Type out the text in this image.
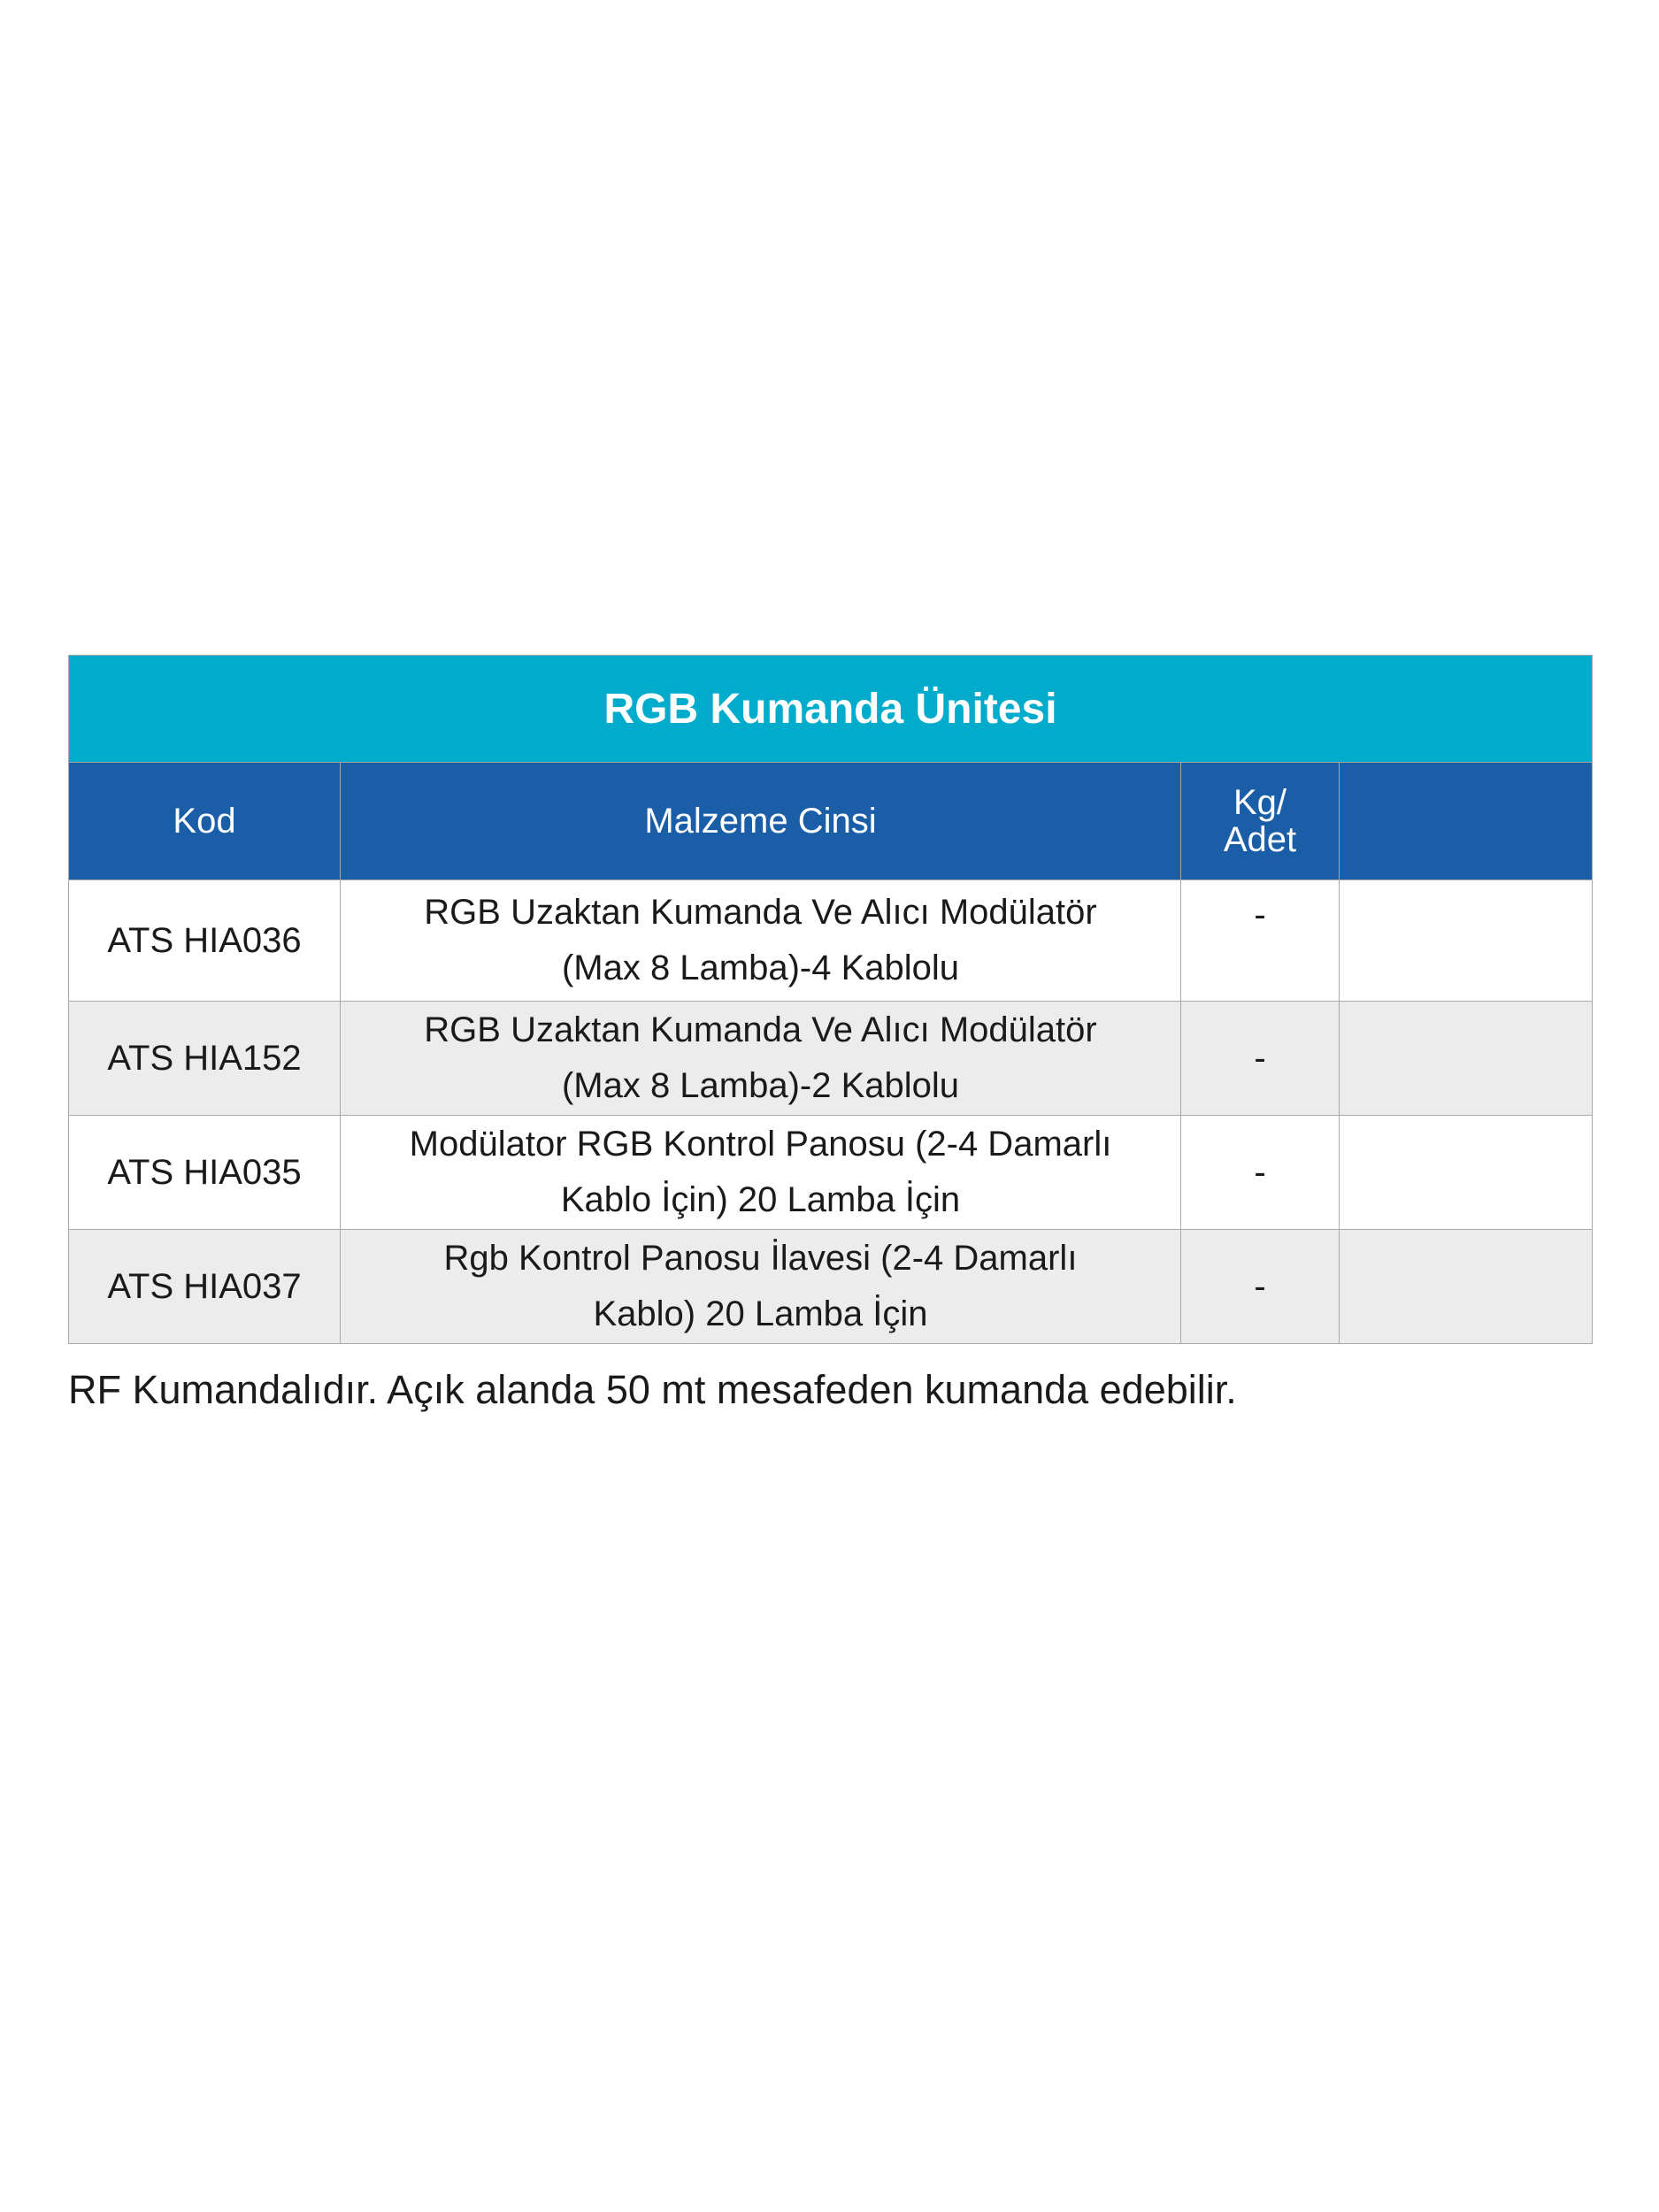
RGB Kumanda Ünitesi			
Kod	Malzeme Cinsi	Kg/
Adet	
ATS HIA036	RGB Uzaktan Kumanda Ve Alıcı Modülatör
(Max 8 Lamba)-4 Kablolu	-	
ATS HIA152	RGB Uzaktan Kumanda Ve Alıcı Modülatör
(Max 8 Lamba)-2 Kablolu	-	
ATS HIA035	Modülator RGB Kontrol Panosu (2-4 Damarlı
Kablo İçin) 20 Lamba İçin	-	
ATS HIA037	Rgb Kontrol Panosu İlavesi (2-4 Damarlı
Kablo) 20 Lamba İçin	-	
RF Kumandalıdır. Açık alanda 50 mt mesafeden kumanda edebilir.
